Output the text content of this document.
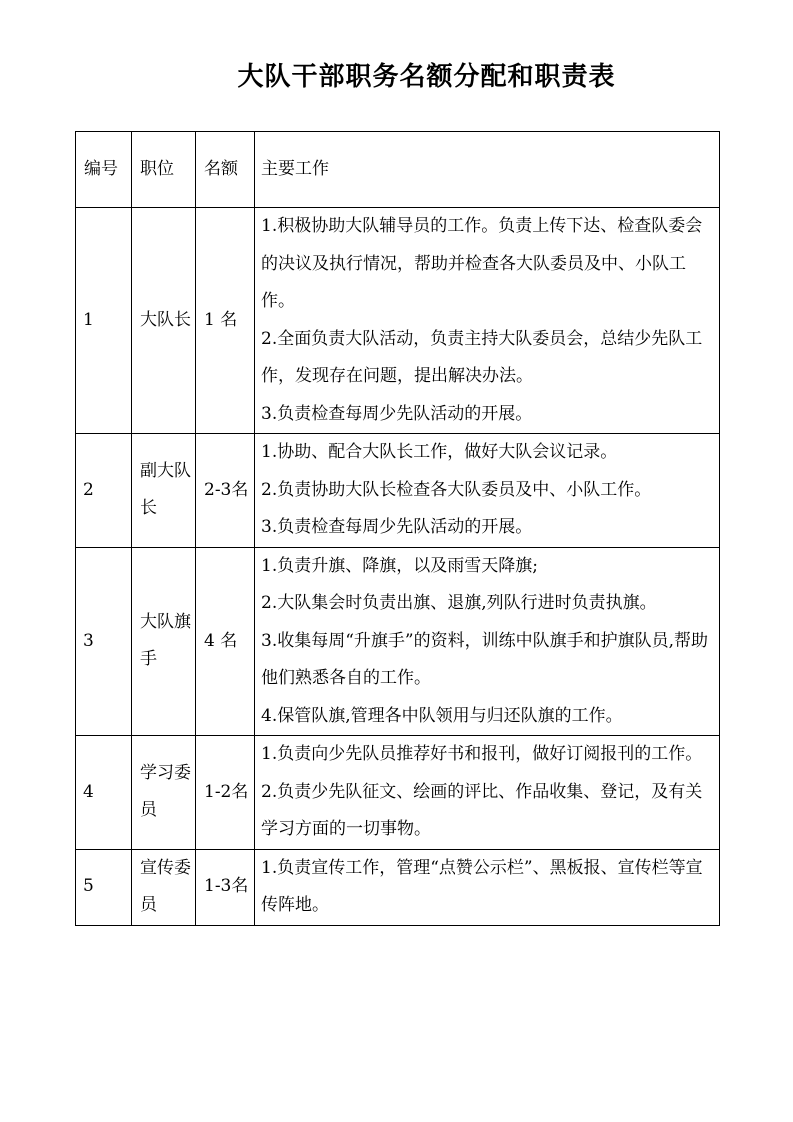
大队干部职务名额分配和职责表
编号	职位	名额	主要工作
1	大队长	1 名	1.积极协助大队辅导员的工作。负责上传下达、检查队委会的决议及执行情况，帮助并检查各大队委员及中、小队工作。

2.全面负责大队活动，负责主持大队委员会，总结少先队工作，发现存在问题，提出解决办法。

3.负责检查每周少先队活动的开展。

2	副大队长	2-3名	1.协助、配合大队长工作，做好大队会议记录。

2.负责协助大队长检查各大队委员及中、小队工作。

3.负责检查每周少先队活动的开展。

3	大队旗手	4 名	1.负责升旗、降旗，以及雨雪天降旗;

2.大队集会时负责出旗、退旗,列队行进时负责执旗。

3.收集每周“升旗手”的资料，训练中队旗手和护旗队员,帮助他们熟悉各自的工作。

4.保管队旗,管理各中队领用与归还队旗的工作。

4	学习委员	1-2名	1.负责向少先队员推荐好书和报刊，做好订阅报刊的工作。

2.负责少先队征文、绘画的评比、作品收集、登记，及有关学习方面的一切事物。

5	宣传委员	1-3名	1.负责宣传工作，管理“点赞公示栏”、黑板报、宣传栏等宣传阵地。
